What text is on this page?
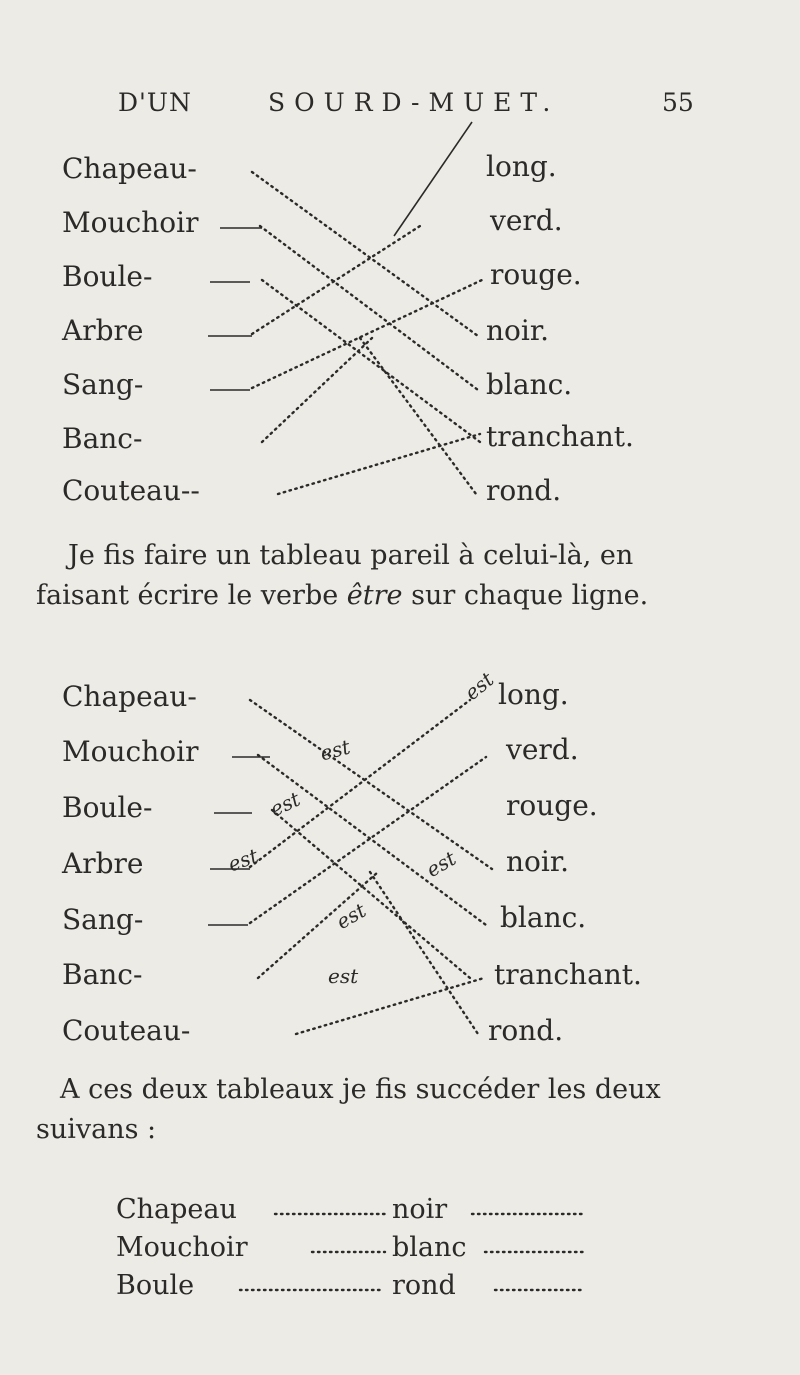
D'UN	SOURD-MUET.	55
Chapeau-
Mouchoir
Boule-
Arbre
Sang-
Banc-
Couteau--
long.
verd.
rouge.
noir.
blanc.
tranchant.
rond.
Je fis faire un tableau pareil à celui-là, en
faisant écrire le verbe être sur chaque ligne.
Chapeau-
Mouchoir
Boule-
Arbre
Sang-
Banc-
Couteau-
long.
verd.
rouge.
noir.
blanc.
tranchant.
rond.
est
est
est
est
est
est
est
A ces deux tableaux je fis succéder les deux
suivans :
Chapeau	noir
Mouchoir	blanc
Boule	rond
